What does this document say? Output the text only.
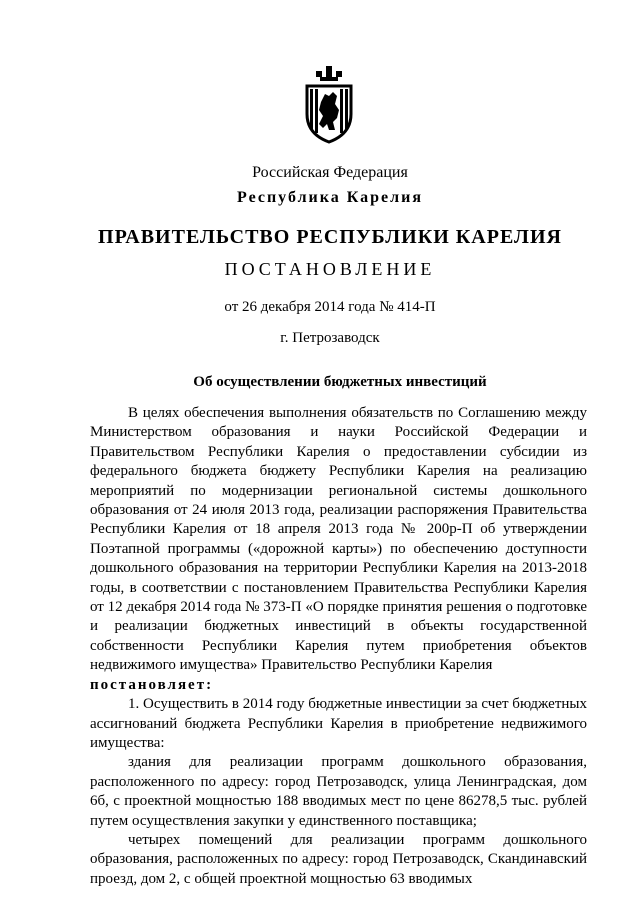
Российская Федерация
Республика Карелия
ПРАВИТЕЛЬСТВО РЕСПУБЛИКИ КАРЕЛИЯ
ПОСТАНОВЛЕНИЕ
от 26 декабря 2014 года № 414-П
г. Петрозаводск
Об осуществлении бюджетных инвестиций

В целях обеспечения выполнения обязательств по Соглашению между Министерством образования и науки Российской Федерации и Правительством Республики Карелия о предоставлении субсидии из федерального бюджета бюджету Республики Карелия на реализацию мероприятий по модернизации региональной системы дошкольного образования от 24 июля 2013 года, реализации распоряжения Правительства Республики Карелия от 18 апреля 2013 года № 200р-П об утверждении Поэтапной программы («дорожной карты») по обеспечению доступности дошкольного образования на территории Республики Карелия на 2013-2018 годы, в соответствии с постановлением Правительства Республики Карелия от 12 декабря 2014 года № 373-П «О порядке принятия решения о подготовке и реализации бюджетных инвестиций в объекты государственной собственности Республики Карелия путем приобретения объектов недвижимого имущества» Правительство Республики Карелия

постановляет:

1. Осуществить в 2014 году бюджетные инвестиции за счет бюджетных ассигнований бюджета Республики Карелия в приобретение недвижимого имущества:

здания для реализации программ дошкольного образования, расположенного по адресу: город Петрозаводск, улица Ленинградская, дом 6б, с проектной мощностью 188 вводимых мест по цене 86278,5 тыс. рублей путем осуществления закупки у единственного поставщика;

четырех помещений для реализации программ дошкольного образования, расположенных по адресу: город Петрозаводск, Скандинавский проезд, дом 2, с общей проектной мощностью 63 вводимых
